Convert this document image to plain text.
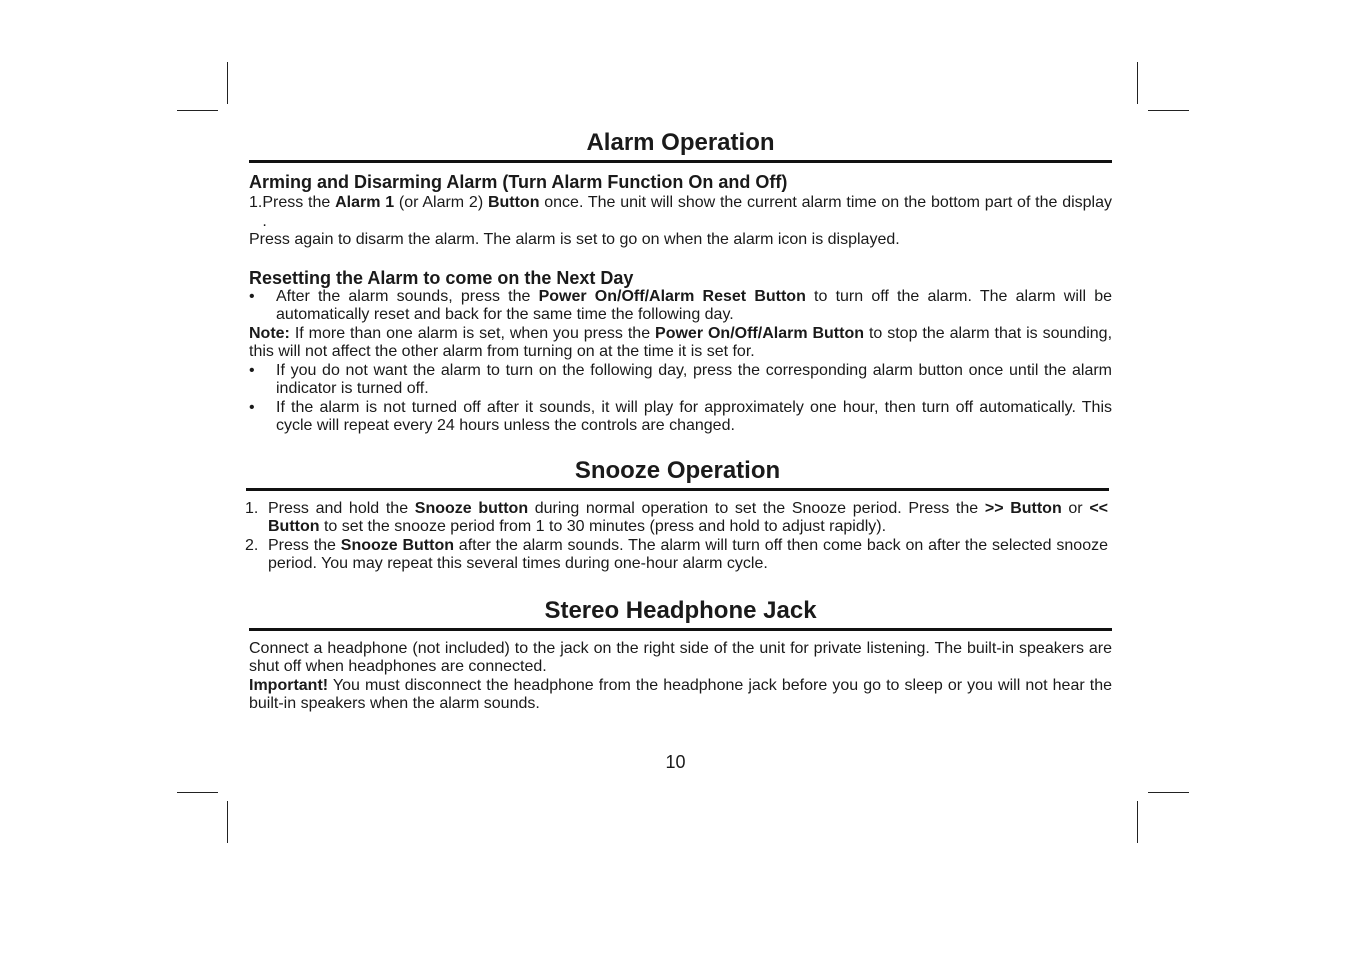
Alarm Operation
Arming and Disarming Alarm (Turn Alarm Function On and Off)
1. Press the Alarm 1 (or Alarm 2) Button once. The unit will show the current alarm time on the bottom part of the display .

Press again to disarm the alarm. The alarm is set to go on when the alarm icon is displayed.

Resetting the Alarm to come on the Next Day
•	After the alarm sounds, press the Power On/Off/Alarm Reset Button to turn off the alarm. The alarm will be automatically reset and back for the same time the following day.

Note: If more than one alarm is set, when you press the Power On/Off/Alarm Button to stop the alarm that is sounding, this will not affect the other alarm from turning on at the time it is set for.

•	If you do not want the alarm to turn on the following day, press the corresponding alarm button once until the alarm indicator is turned off.
•	If the alarm is not turned off after it sounds, it will play for approximately one hour, then turn off automatically. This cycle will repeat every 24 hours unless the controls are changed.
Snooze Operation
1. Press and hold the Snooze button during normal operation to set the Snooze period. Press the >> Button or << Button to set the snooze period from 1 to 30 minutes (press and hold to adjust rapidly).

2. Press the Snooze Button after the alarm sounds. The alarm will turn off then come back on after the selected snooze period. You may repeat this several times during one-hour alarm cycle.

Stereo Headphone Jack

Connect a headphone (not included) to the jack on the right side of the unit for private listening. The built-in speakers are shut off when headphones are connected.

Important! You must disconnect the headphone from the headphone jack before you go to sleep or you will not hear the built-in speakers when the alarm sounds.

10
